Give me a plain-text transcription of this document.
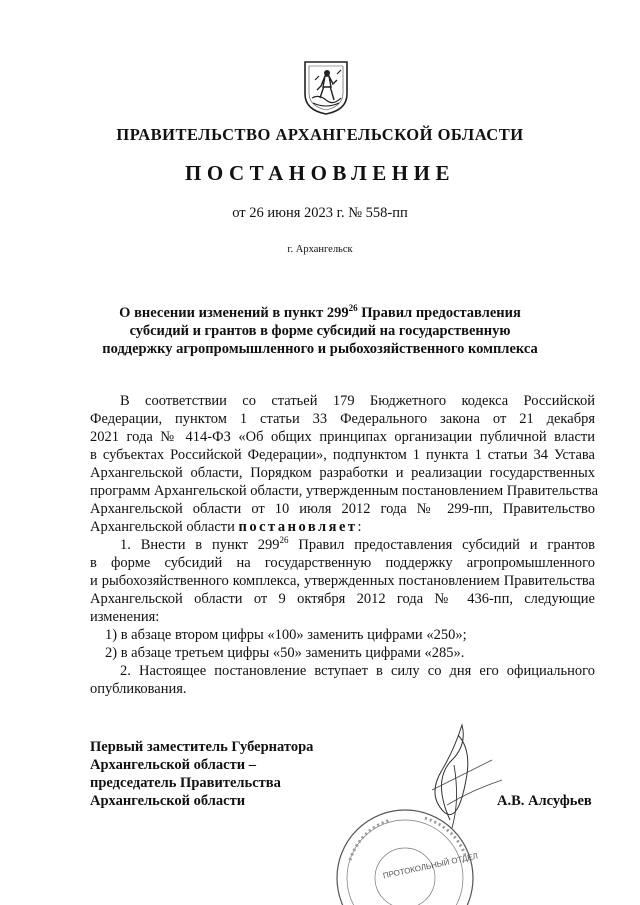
ПРАВИТЕЛЬСТВО АРХАНГЕЛЬСКОЙ ОБЛАСТИ
ПОСТАНОВЛЕНИЕ
от 26 июня 2023 г. № 558-пп
г. Архангельск
О внесении изменений в пункт $299^{26}$ Правил предоставления
субсидий и грантов в форме субсидий на государственную
поддержку агропромышленного и рыбохозяйственного комплекса
В соответствии со статьей 179 Бюджетного кодекса Российской
Федерации, пунктом 1 статьи 33 Федерального закона от 21 декабря
2021 года № 414-ФЗ «Об общих принципах организации публичной власти
в субъектах Российской Федерации», подпунктом 1 пункта 1 статьи 34 Устава
Архангельской области, Порядком разработки и реализации государственных
программ Архангельской области, утвержденным постановлением Правительства
Архангельской области от 10 июля 2012 года № 299-пп, Правительство
Архангельской области постановляет:
1. Внести в пункт $299^{26}$ Правил предоставления субсидий и грантов
в форме субсидий на государственную поддержку агропромышленного
и рыбохозяйственного комплекса, утвержденных постановлением Правительства
Архангельской области от 9 октября 2012 года № 436-пп, следующие
изменения:
1) в абзаце втором цифры «100» заменить цифрами «250»;
2) в абзаце третьем цифры «50» заменить цифрами «285».
2. Настоящее постановление вступает в силу со дня его официального
опубликования.
Первый заместитель Губернатора
Архангельской области –
председатель Правительства
Архангельской области	А.В. Алсуфьев
ПРОТОКОЛЬНЫЙ ОТДЕЛ
